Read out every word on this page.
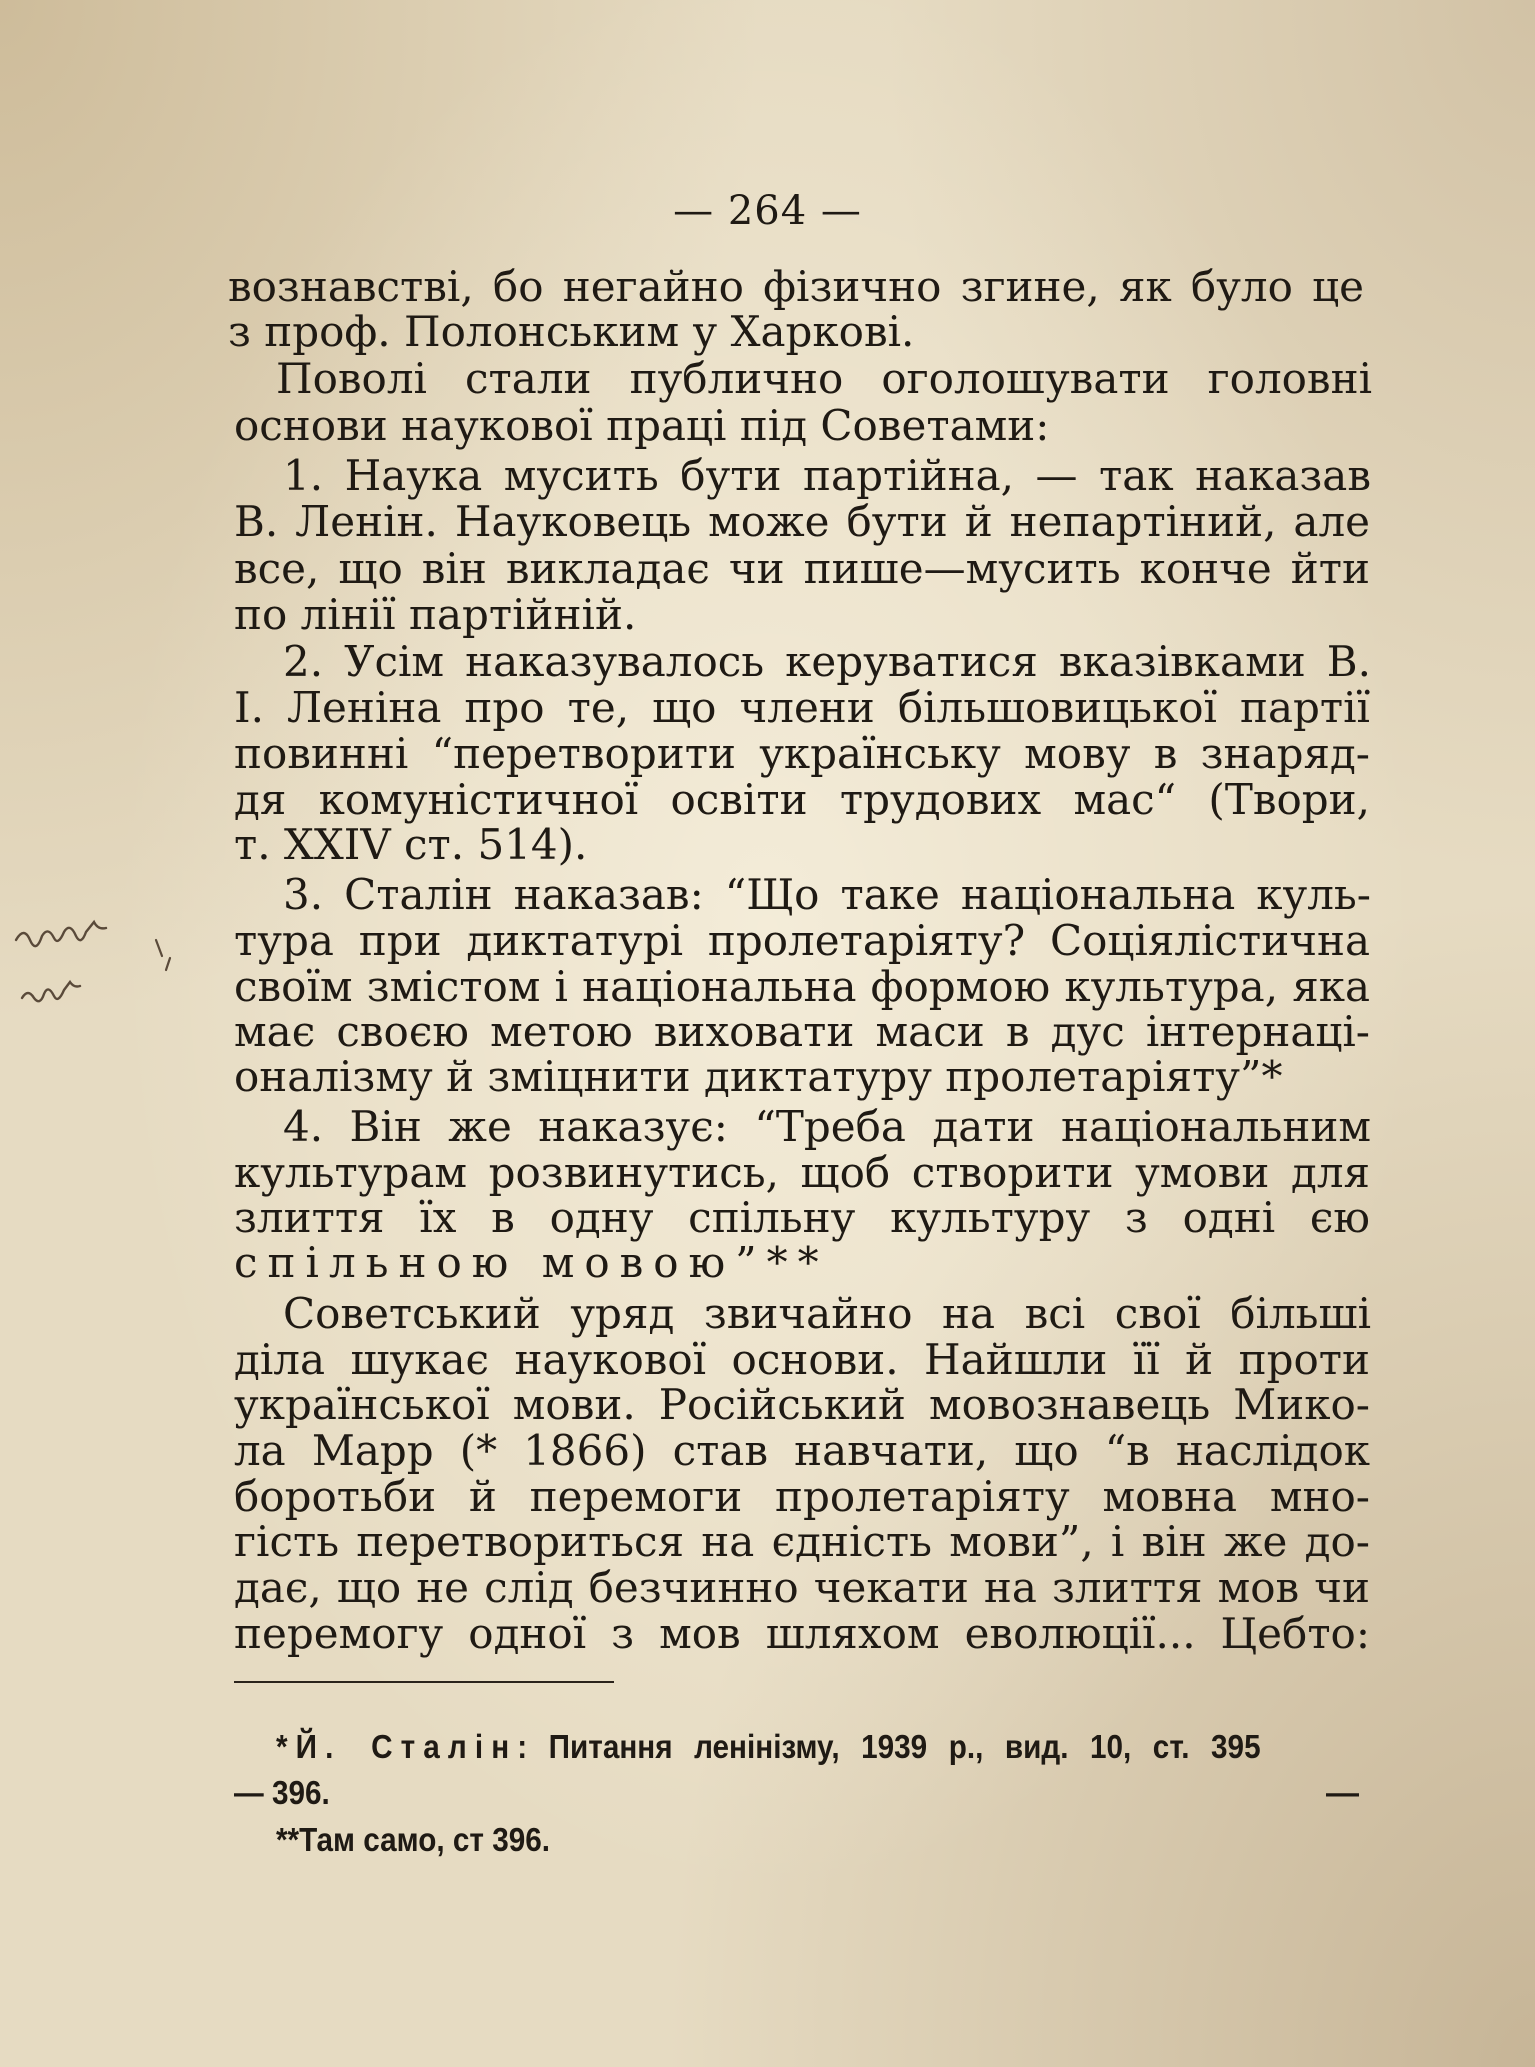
— 264 —
вознавстві, бо негайно фізично згине, як було це
з проф. Полонським у Харкові.
Поволі стали публично оголошувати головні
основи наукової праці під Советами:
1. Наука мусить бути партійна, — так наказав
В. Ленін. Науковець може бути й непартіний, але
все, що він викладає чи пише—мусить конче йти
по лінії партійній.
2. Усім наказувалось керуватися вказівками В.
І. Леніна про те, що члени більшовицької партії
повинні “перетворити українську мову в знаряд-
дя комуністичної освіти трудових мас“ (Твори,
т. XXIV ст. 514).
3. Сталін наказав: “Що таке національна куль-
тура при диктатурі пролетаріяту? Соціялістична
своїм змістом і національна формою культура, яка
має своєю метою виховати маси в дус інтернаці-
оналізму й зміцнити диктатуру пролетаріяту”*
4. Він же наказує: “Треба дати національним
культурам розвинутись, щоб створити умови для
злиття їх в одну спільну культуру з одні єю
спільною мовою”**
Советський уряд звичайно на всі свої більші
діла шукає наукової основи. Найшли її й проти
української мови. Російський мовознавець Мико-
ла Марр (* 1866) став навчати, що “в наслідок
боротьби й перемоги пролетаріяту мовна мно-
гість перетвориться на єдність мови”, і він же до-
дає, що не слід безчинно чекати на злиття мов чи
перемогу одної з мов шляхом еволюції... Цебто:
*Й. Сталін: Питання ленінізму, 1939 р., вид. 10, ст. 395
— 396.	—
**Там само, ст 396.
